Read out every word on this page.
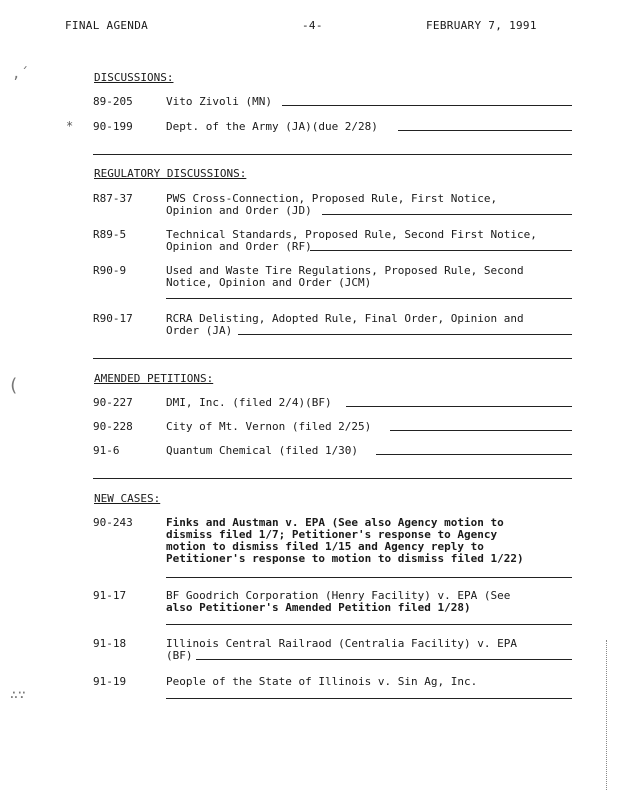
FINAL AGENDA	-4-	FEBRUARY 7, 1991
‚´
(
∴∵
DISCUSSIONS:
89-205	Vito Zivoli (MN)
* 90-199	Dept. of the Army (JA)(due 2/28)
REGULATORY DISCUSSIONS:
R87-37	PWS Cross-Connection, Proposed Rule, First Notice,
Opinion and Order (JD)
R89-5	Technical Standards, Proposed Rule, Second First Notice,
Opinion and Order (RF)
R90-9	Used and Waste Tire Regulations, Proposed Rule, Second
Notice, Opinion and Order (JCM)
R90-17	RCRA Delisting, Adopted Rule, Final Order, Opinion and
Order (JA)
AMENDED PETITIONS:
90-227	DMI, Inc. (filed 2/4)(BF)
90-228	City of Mt. Vernon (filed 2/25)
91-6	Quantum Chemical (filed 1/30)
NEW CASES:
90-243	Finks and Austman v. EPA (See also Agency motion to
dismiss filed 1/7; Petitioner's response to Agency
motion to dismiss filed 1/15 and Agency reply to
Petitioner's response to motion to dismiss filed 1/22)
91-17	BF Goodrich Corporation (Henry Facility) v. EPA (See
also Petitioner's Amended Petition filed 1/28)
91-18	Illinois Central Railraod (Centralia Facility) v. EPA
(BF)
91-19	People of the State of Illinois v. Sin Ag, Inc.
